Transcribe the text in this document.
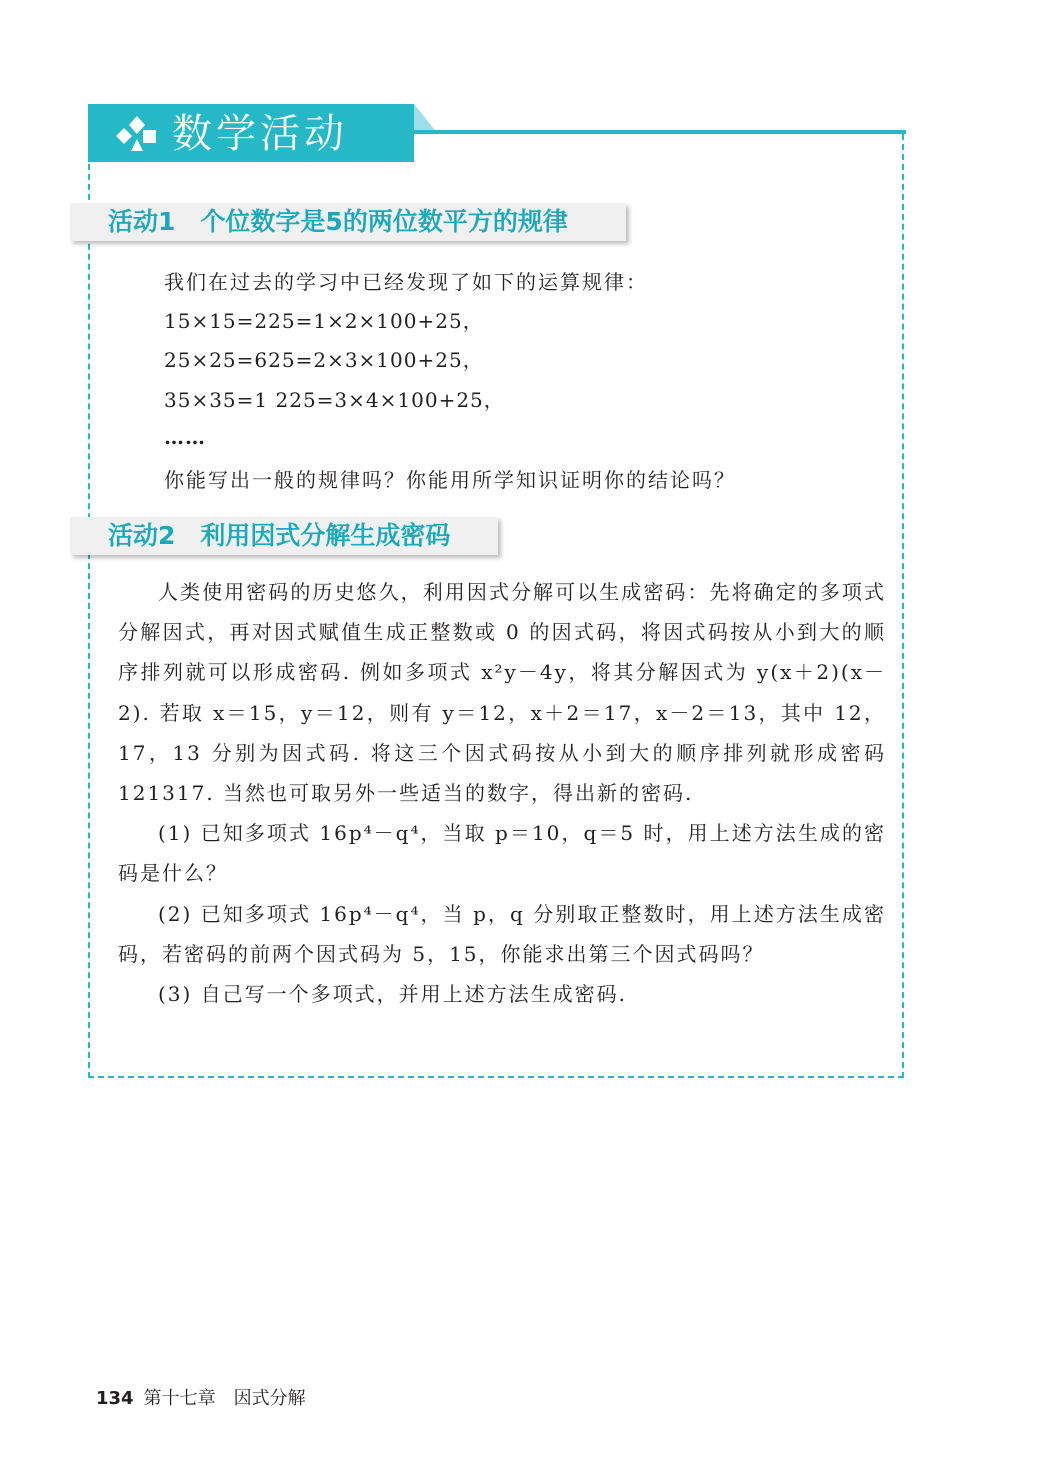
数学活动
活动1　 个位数字是5的两位数平方的规律
我们在过去的学习中已经发现了如下的运算规律：
15×15=225=1×2×100+25，
25×25=625=2×3×100+25，
35×35=1 225=3×4×100+25，
……
你能写出一般的规律吗？你能用所学知识证明你的结论吗？
活动2　 利用因式分解生成密码

人类使用密码的历史悠久，利用因式分解可以生成密码：先将确定的多项式分解因式，再对因式赋值生成正整数或 0 的因式码，将因式码按从小到大的顺序排列就可以形成密码. 例如多项式 x²y－4y，将其分解因式为 y(x＋2)(x－2). 若取 x＝15，y＝12，则有 y＝12，x＋2＝17，x－2＝13，其中 12，17，13 分别为因式码. 将这三个因式码按从小到大的顺序排列就形成密码 121317. 当然也可取另外一些适当的数字，得出新的密码.

(1) 已知多项式 16p⁴－q⁴，当取 p＝10，q＝5 时，用上述方法生成的密码是什么？

(2) 已知多项式 16p⁴－q⁴，当 p，q 分别取正整数时，用上述方法生成密码，若密码的前两个因式码为 5，15，你能求出第三个因式码吗？

(3) 自己写一个多项式，并用上述方法生成密码.

134 第十七章　因式分解
